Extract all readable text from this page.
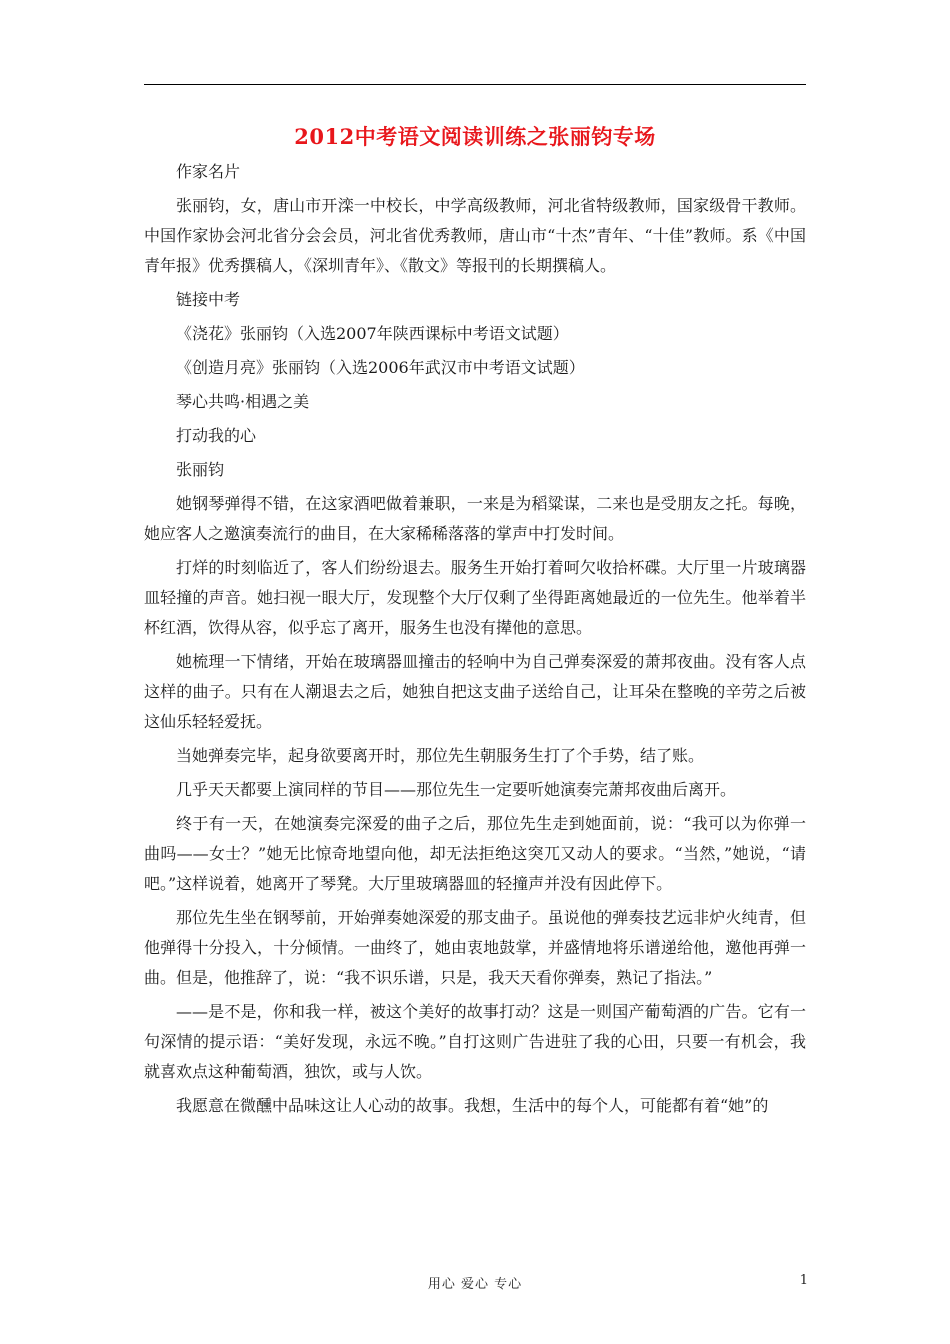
2012中考语文阅读训练之张丽钧专场

作家名片

张丽钧，女，唐山市开滦一中校长，中学高级教师，河北省特级教师，国家级骨干教师。中国作家协会河北省分会会员，河北省优秀教师，唐山市“十杰”青年、“十佳”教师。系《中国青年报》优秀撰稿人，《深圳青年》、《散文》等报刊的长期撰稿人。

链接中考

《浇花》张丽钧（入选2007年陕西课标中考语文试题）

《创造月亮》张丽钧（入选2006年武汉市中考语文试题）

琴心共鸣·相遇之美

打动我的心

张丽钧

她钢琴弹得不错，在这家酒吧做着兼职，一来是为稻粱谋，二来也是受朋友之托。每晚，她应客人之邀演奏流行的曲目，在大家稀稀落落的掌声中打发时间。

打烊的时刻临近了，客人们纷纷退去。服务生开始打着呵欠收拾杯碟。大厅里一片玻璃器皿轻撞的声音。她扫视一眼大厅，发现整个大厅仅剩了坐得距离她最近的一位先生。他举着半杯红酒，饮得从容，似乎忘了离开，服务生也没有撵他的意思。

她梳理一下情绪，开始在玻璃器皿撞击的轻响中为自己弹奏深爱的萧邦夜曲。没有客人点这样的曲子。只有在人潮退去之后，她独自把这支曲子送给自己，让耳朵在整晚的辛劳之后被这仙乐轻轻爱抚。

当她弹奏完毕，起身欲要离开时，那位先生朝服务生打了个手势，结了账。

几乎天天都要上演同样的节目——那位先生一定要听她演奏完萧邦夜曲后离开。

终于有一天，在她演奏完深爱的曲子之后，那位先生走到她面前，说：“我可以为你弹一曲吗——女士？”她无比惊奇地望向他，却无法拒绝这突兀又动人的要求。“当然，”她说，“请吧。”这样说着，她离开了琴凳。大厅里玻璃器皿的轻撞声并没有因此停下。

那位先生坐在钢琴前，开始弹奏她深爱的那支曲子。虽说他的弹奏技艺远非炉火纯青，但他弹得十分投入，十分倾情。一曲终了，她由衷地鼓掌，并盛情地将乐谱递给他，邀他再弹一曲。但是，他推辞了，说：“我不识乐谱，只是，我天天看你弹奏，熟记了指法。”

——是不是，你和我一样，被这个美好的故事打动？这是一则国产葡萄酒的广告。它有一句深情的提示语：“美好发现，永远不晚。”自打这则广告进驻了我的心田，只要一有机会，我就喜欢点这种葡萄酒，独饮，或与人饮。

我愿意在微醺中品味这让人心动的故事。我想，生活中的每个人，可能都有着“她”的

用心 爱心 专心	1
